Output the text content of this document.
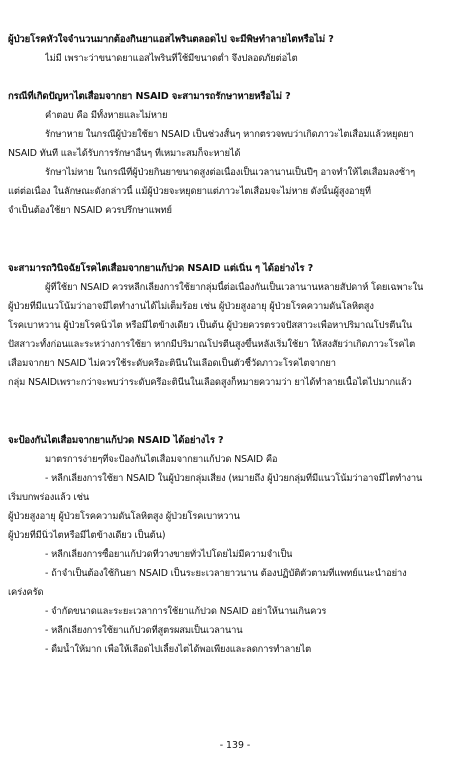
ผู้ป่วยโรคหัวใจจำนวนมากต้องกินยาแอสไพรินตลอดไป จะมีพิษทำลายไตหรือไม่ ?
ไม่มี เพราะว่าขนาดยาแอสไพรินที่ใช้มีขนาดต่ำ จึงปลอดภัยต่อไต
กรณีที่เกิดปัญหาไตเสื่อมจากยา NSAID จะสามารถรักษาหายหรือไม่ ?
คำตอบ คือ มีทั้งหายและไม่หาย
รักษาหาย ในกรณีผู้ป่วยใช้ยา NSAID เป็นช่วงสั้นๆ หากตรวจพบว่าเกิดภาวะไตเสื่อมแล้วหยุดยา
NSAID ทันที และได้รับการรักษาอื่นๆ ที่เหมาะสมก็จะหายได้
รักษาไม่หาย ในกรณีที่ผู้ป่วยกินยาขนาดสูงต่อเนื่องเป็นเวลานานเป็นปีๆ อาจทำให้ไตเสื่อมลงช้าๆ
แต่ต่อเนื่อง ในลักษณะดังกล่าวนี้ แม้ผู้ป่วยจะหยุดยาแต่ภาวะไตเสื่อมจะไม่หาย ดังนั้นผู้สูงอายุที่
จำเป็นต้องใช้ยา NSAID ควรปรึกษาแพทย์
จะสามารถวินิจฉัยโรคไตเสื่อมจากยาแก้ปวด NSAID แต่เนิ่น ๆ ได้อย่างไร ?
ผู้ที่ใช้ยา NSAID ควรหลีกเลี่ยงการใช้ยากลุ่มนี้ต่อเนื่องกันเป็นเวลานานหลายสัปดาห์ โดยเฉพาะใน
ผู้ป่วยที่มีแนวโน้มว่าอาจมีไตทำงานได้ไม่เต็มร้อย เช่น ผู้ป่วยสูงอายุ ผู้ป่วยโรคความดันโลหิตสูง
โรคเบาหวาน ผู้ป่วยโรคนิ่วไต หรือมีไตข้างเดียว เป็นต้น ผู้ป่วยควรตรวจปัสสาวะเพื่อหาปริมาณโปรตีนใน
ปัสสาวะทั้งก่อนและระหว่างการใช้ยา หากมีปริมาณโปรตีนสูงขึ้นหลังเริ่มใช้ยา ให้สงสัยว่าเกิดภาวะโรคไต
เสื่อมจากยา NSAID ไม่ควรใช้ระดับครีอะตินีนในเลือดเป็นตัวชี้วัดภาวะโรคไตจากยา
กลุ่ม NSAIDเพราะกว่าจะพบว่าระดับครีอะตินีนในเลือดสูงก็หมายความว่า ยาได้ทำลายเนื้อไตไปมากแล้ว
จะป้องกันไตเสื่อมจากยาแก้ปวด NSAID ได้อย่างไร ?
มาตรการง่ายๆที่จะป้องกันไตเสื่อมจากยาแก้ปวด NSAID คือ
- หลีกเลี่ยงการใช้ยา NSAID ในผู้ป่วยกลุ่มเสี่ยง (หมายถึง ผู้ป่วยกลุ่มที่มีแนวโน้มว่าอาจมีไตทำงาน
เริ่มบกพร่องแล้ว เช่น
ผู้ป่วยสูงอายุ ผู้ป่วยโรคความดันโลหิตสูง ผู้ป่วยโรคเบาหวาน
ผู้ป่วยที่มีนิ่วไตหรือมีไตข้างเดียว เป็นต้น)
- หลีกเลี่ยงการซื้อยาแก้ปวดที่วางขายทั่วไปโดยไม่มีความจำเป็น
- ถ้าจำเป็นต้องใช้กินยา NSAID เป็นระยะเวลายาวนาน ต้องปฏิบัติตัวตามที่แพทย์แนะนำอย่าง
เคร่งครัด
- จำกัดขนาดและระยะเวลาการใช้ยาแก้ปวด NSAID อย่าให้นานเกินควร
- หลีกเลี่ยงการใช้ยาแก้ปวดที่สูตรผสมเป็นเวลานาน
- ดื่มน้ำให้มาก เพื่อให้เลือดไปเลี้ยงไตได้พอเพียงและลดการทำลายไต
- 139 -
